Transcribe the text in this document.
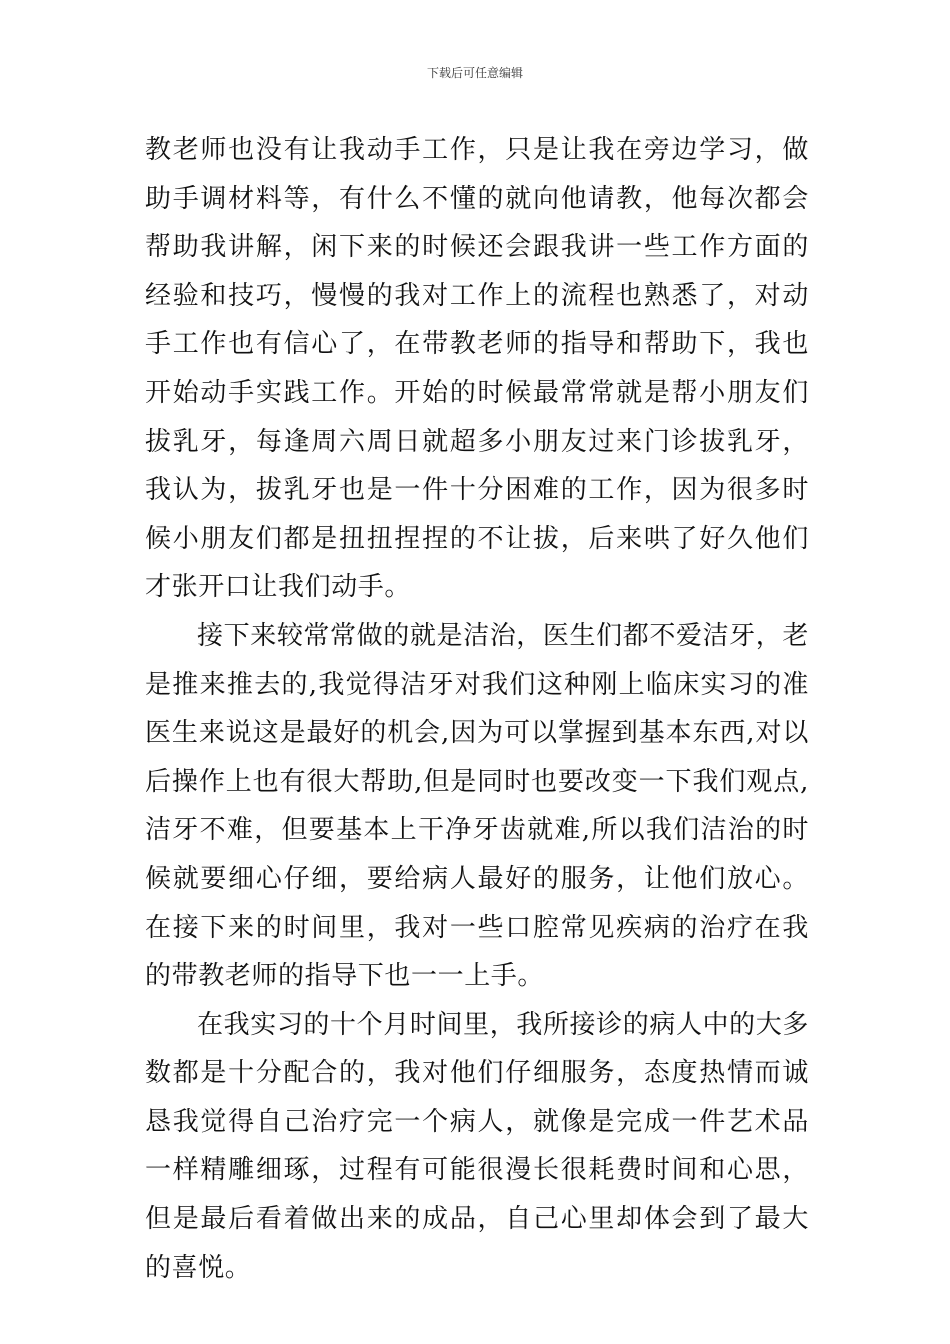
下载后可任意编辑

教老师也没有让我动手工作，只是让我在旁边学习，做助手调材料等，有什么不懂的就向他请教，他每次都会帮助我讲解，闲下来的时候还会跟我讲一些工作方面的经验和技巧，慢慢的我对工作上的流程也熟悉了，对动手工作也有信心了，在带教老师的指导和帮助下，我也开始动手实践工作。开始的时候最常常就是帮小朋友们拔乳牙，每逢周六周日就超多小朋友过来门诊拔乳牙，我认为，拔乳牙也是一件十分困难的工作，因为很多时候小朋友们都是扭扭捏捏的不让拔，后来哄了好久他们才张开口让我们动手。

接下来较常常做的就是洁治，医生们都不爱洁牙，老是推来推去的,我觉得洁牙对我们这种刚上临床实习的准医生来说这是最好的机会,因为可以掌握到基本东西,对以后操作上也有很大帮助,但是同时也要改变一下我们观点,洁牙不难，但要基本上干净牙齿就难,所以我们洁治的时候就要细心仔细，要给病人最好的服务，让他们放心。在接下来的时间里，我对一些口腔常见疾病的治疗在我的带教老师的指导下也一一上手。

在我实习的十个月时间里，我所接诊的病人中的大多数都是十分配合的，我对他们仔细服务，态度热情而诚恳我觉得自己治疗完一个病人，就像是完成一件艺术品一样精雕细琢，过程有可能很漫长很耗费时间和心思，但是最后看着做出来的成品，自己心里却体会到了最大的喜悦。
